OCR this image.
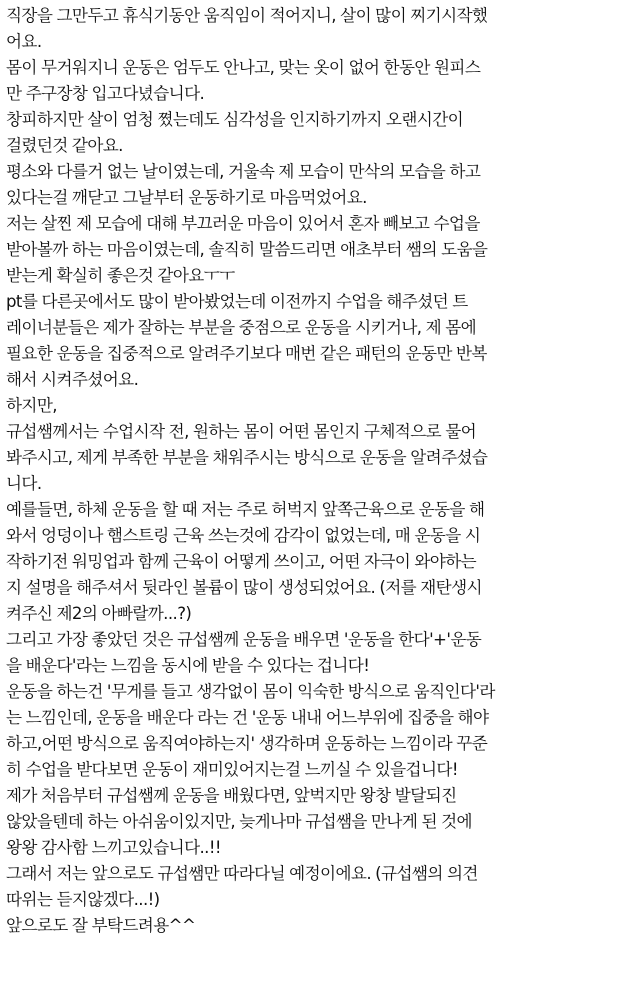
직장을 그만두고 휴식기동안 움직임이 적어지니, 살이 많이 찌기시작했
어요.
몸이 무거워지니 운동은 엄두도 안나고, 맞는 옷이 없어 한동안 원피스
만 주구장창 입고다녔습니다.
창피하지만 살이 엄청 쪘는데도 심각성을 인지하기까지 오랜시간이
걸렸던것 같아요.
평소와 다를거 없는 날이였는데, 거울속 제 모습이 만삭의 모습을 하고
있다는걸 깨닫고 그날부터 운동하기로 마음먹었어요.
저는 살찐 제 모습에 대해 부끄러운 마음이 있어서 혼자 빼보고 수업을
받아볼까 하는 마음이였는데, 솔직히 말씀드리면 애초부터 쌤의 도움을
받는게 확실히 좋은것 같아요ㅜㅜ
pt를 다른곳에서도 많이 받아봤었는데 이전까지 수업을 해주셨던 트
레이너분들은 제가 잘하는 부분을 중점으로 운동을 시키거나, 제 몸에
필요한 운동을 집중적으로 알려주기보다 매번 같은 패턴의 운동만 반복
해서 시켜주셨어요.
하지만,
규섭쌤께서는 수업시작 전, 원하는 몸이 어떤 몸인지 구체적으로 물어
봐주시고, 제게 부족한 부분을 채워주시는 방식으로 운동을 알려주셨습
니다.
예를들면, 하체 운동을 할 때 저는 주로 허벅지 앞쪽근육으로 운동을 해
와서 엉덩이나 햄스트링 근육 쓰는것에 감각이 없었는데, 매 운동을 시
작하기전 워밍업과 함께 근육이 어떻게 쓰이고, 어떤 자극이 와야하는
지 설명을 해주셔서 뒷라인 볼륨이 많이 생성되었어요. (저를 재탄생시
켜주신 제2의 아빠랄까...?)
그리고 가장 좋았던 것은 규섭쌤께 운동을 배우면 '운동을 한다'+'운동
을 배운다'라는 느낌을 동시에 받을 수 있다는 겁니다!
운동을 하는건 '무게를 들고 생각없이 몸이 익숙한 방식으로 움직인다'라
는 느낌인데, 운동을 배운다 라는 건 '운동 내내 어느부위에 집중을 해야
하고,어떤 방식으로 움직여야하는지' 생각하며 운동하는 느낌이라 꾸준
히 수업을 받다보면 운동이 재미있어지는걸 느끼실 수 있을겁니다!
제가 처음부터 규섭쌤께 운동을 배웠다면, 앞벅지만 왕창 발달되진
않았을텐데 하는 아쉬움이있지만, 늦게나마 규섭쌤을 만나게 된 것에
왕왕 감사함 느끼고있습니다..!!
그래서 저는 앞으로도 규섭쌤만 따라다닐 예정이에요. (규섭쌤의 의견
따위는 듣지않겠다...!)
앞으로도 잘 부탁드려용^^
